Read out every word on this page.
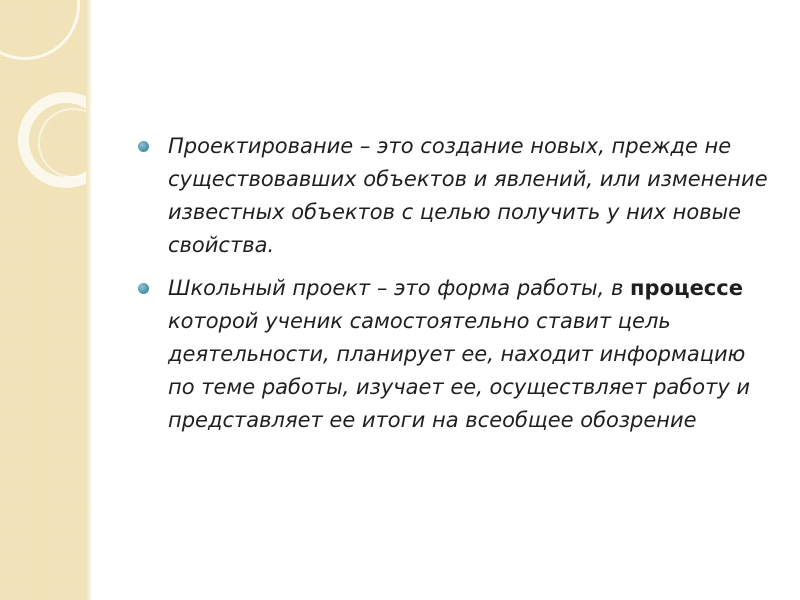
Проектирование – это создание новых, прежде не существовавших объектов и явлений, или изменение известных объектов с целью получить у них новые свойства.
Школьный проект – это форма работы, в процессе которой ученик самостоятельно ставит цель деятельности, планирует ее, находит информацию по теме работы, изучает ее, осуществляет работу и представляет ее итоги на всеобщее обозрение
